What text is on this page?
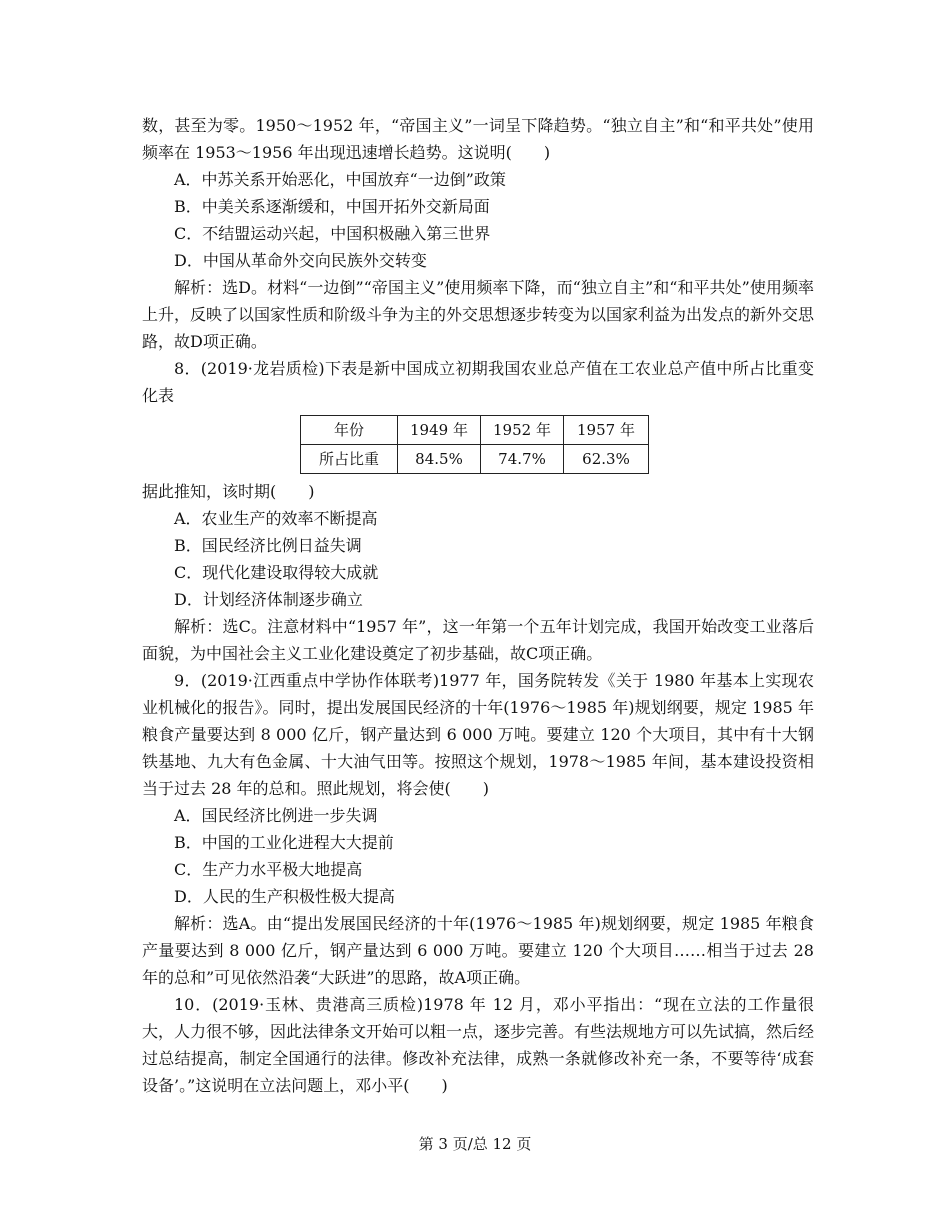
数，甚至为零。1950～1952 年，“帝国主义”一词呈下降趋势。“独立自主”和“和平共处”使用频率在 1953～1956 年出现迅速增长趋势。这说明(　　)

A．中苏关系开始恶化，中国放弃“一边倒”政策

B．中美关系逐渐缓和，中国开拓外交新局面

C．不结盟运动兴起，中国积极融入第三世界

D．中国从革命外交向民族外交转变

解析：选D。材料“一边倒”“帝国主义”使用频率下降，而“独立自主”和“和平共处”使用频率上升，反映了以国家性质和阶级斗争为主的外交思想逐步转变为以国家利益为出发点的新外交思路，故D项正确。

8．(2019·龙岩质检)下表是新中国成立初期我国农业总产值在工农业总产值中所占比重变化表

年份	1949 年	1952 年	1957 年
所占比重	84.5%	74.7%	62.3%

据此推知，该时期(　　)

A．农业生产的效率不断提高

B．国民经济比例日益失调

C．现代化建设取得较大成就

D．计划经济体制逐步确立

解析：选C。注意材料中“1957 年”，这一年第一个五年计划完成，我国开始改变工业落后面貌，为中国社会主义工业化建设奠定了初步基础，故C项正确。

9．(2019·江西重点中学协作体联考)1977 年，国务院转发《关于 1980 年基本上实现农业机械化的报告》。同时，提出发展国民经济的十年(1976～1985 年)规划纲要，规定 1985 年粮食产量要达到 8 000 亿斤，钢产量达到 6 000 万吨。要建立 120 个大项目，其中有十大钢铁基地、九大有色金属、十大油气田等。按照这个规划，1978～1985 年间，基本建设投资相当于过去 28 年的总和。照此规划，将会使(　　)

A．国民经济比例进一步失调

B．中国的工业化进程大大提前

C．生产力水平极大地提高

D．人民的生产积极性极大提高

解析：选A。由“提出发展国民经济的十年(1976～1985 年)规划纲要，规定 1985 年粮食产量要达到 8 000 亿斤，钢产量达到 6 000 万吨。要建立 120 个大项目……相当于过去 28 年的总和”可见依然沿袭“大跃进”的思路，故A项正确。

10．(2019·玉林、贵港高三质检)1978 年 12 月，邓小平指出：“现在立法的工作量很大，人力很不够，因此法律条文开始可以粗一点，逐步完善。有些法规地方可以先试搞，然后经过总结提高，制定全国通行的法律。修改补充法律，成熟一条就修改补充一条，不要等待‘成套设备’。”这说明在立法问题上，邓小平(　　)

第 3 页/总 12 页
